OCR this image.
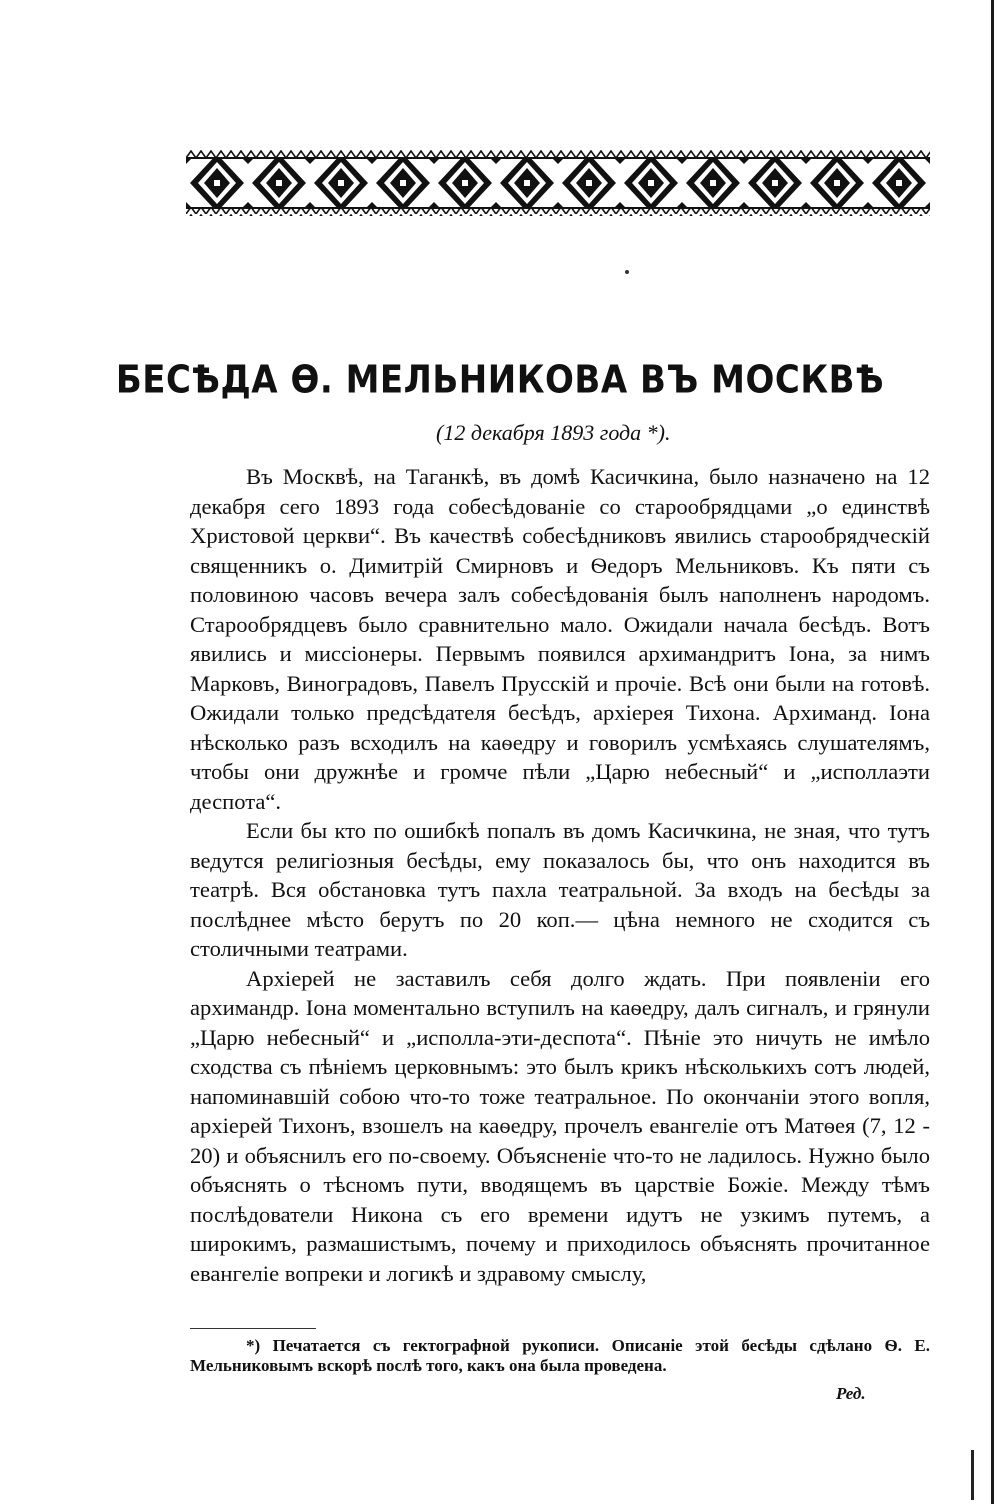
БЕСѢДА Ѳ. МЕЛЬНИКОВА ВЪ МОСКВѢ
(12 декабря 1893 года *).

Въ Москвѣ, на Таганкѣ, въ домѣ Касичкина, было назначено на 12 декабря сего 1893 года собесѣдованіе со старообрядцами „о единствѣ Христовой церкви“. Въ качествѣ собесѣдниковъ явились старообрядческій священникъ о. Димитрій Смирновъ и Ѳедоръ Мельниковъ. Къ пяти съ половиною часовъ вечера залъ собесѣдованія былъ наполненъ народомъ. Старообрядцевъ было сравнительно мало. Ожидали начала бесѣдъ. Вотъ явились и миссіонеры. Первымъ появился архимандритъ Іона, за нимъ Марковъ, Виноградовъ, Павелъ Прусскій и прочіе. Всѣ они были на готовѣ. Ожидали только предсѣдателя бесѣдъ, архіерея Тихона. Архиманд. Іона нѣсколько разъ всходилъ на каѳедру и говорилъ усмѣхаясь слушателямъ, чтобы они дружнѣе и громче пѣли „Царю небесный“ и „исполлаэти деспота“.

Если бы кто по ошибкѣ попалъ въ домъ Касичкина, не зная, что тутъ ведутся религіозныя бесѣды, ему показалось бы, что онъ находится въ театрѣ. Вся обстановка тутъ пахла театральной. За входъ на бесѣды за послѣднее мѣсто берутъ по 20 коп.— цѣна немного не сходится съ столичными театрами.

Архіерей не заставилъ себя долго ждать. При появленіи его архимандр. Іона моментально вступилъ на каѳедру, далъ сигналъ, и грянули „Царю небесный“ и „исполла-эти-деспота“. Пѣніе это ничуть не имѣло сходства съ пѣніемъ церковнымъ: это былъ крикъ нѣсколькихъ сотъ людей, напоминавшій собою что-то тоже театральное. По окончаніи этого вопля, архіерей Тихонъ, взошелъ на каѳедру, прочелъ евангеліе отъ Матѳея (7, 12 - 20) и объяснилъ его по-своему. Объясненіе что-то не ладилось. Нужно было объяснять о тѣсномъ пути, вводящемъ въ царствіе Божіе. Между тѣмъ послѣдователи Никона съ его времени идутъ не узкимъ путемъ, а широкимъ, размашистымъ, почему и приходилось объяснять прочитанное евангеліе вопреки и логикѣ и здравому смыслу,

*) Печатается съ гектографной рукописи. Описаніе этой бесѣды сдѣлано Ѳ. Е. Мельниковымъ вскорѣ послѣ того, какъ она была проведена.
Ред.
